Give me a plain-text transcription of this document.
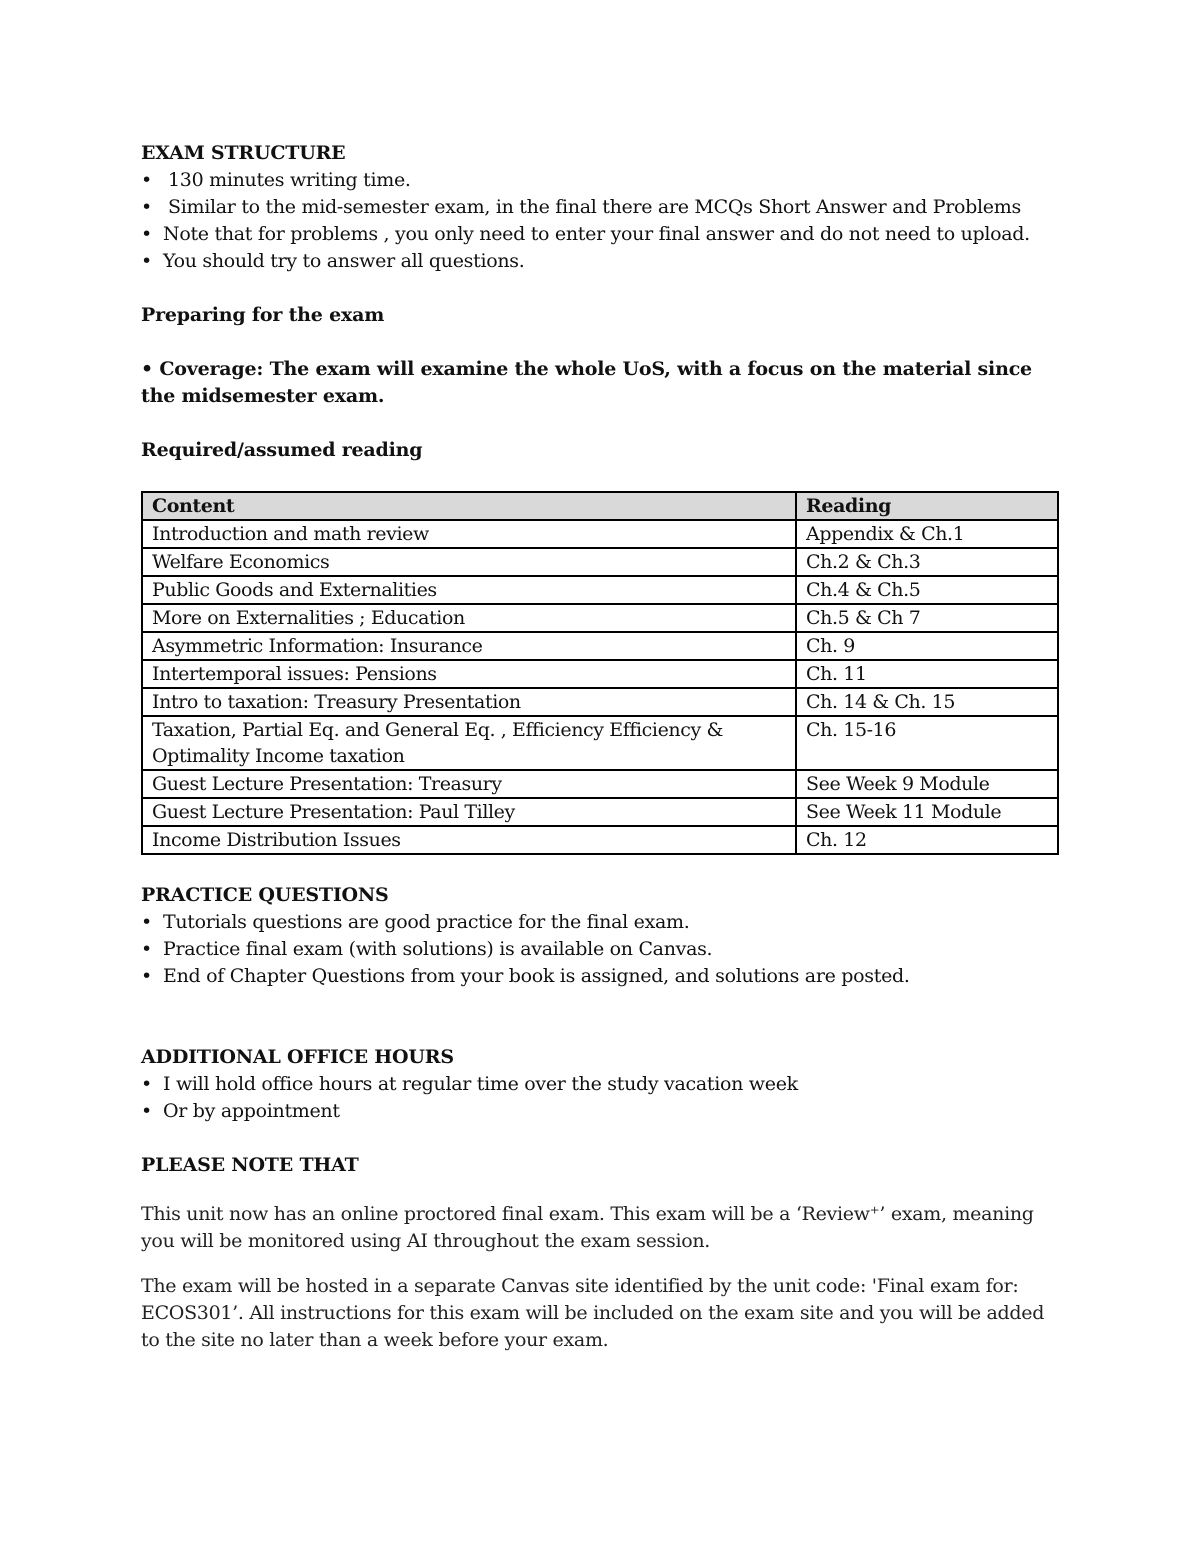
EXAM STRUCTURE

• 130 minutes writing time.
• Similar to the mid-semester exam, in the final there are MCQs Short Answer and Problems
• Note that for problems , you only need to enter your final answer and do not need to upload.
• You should try to answer all questions.

Preparing for the exam

• Coverage: The exam will examine the whole UoS, with a focus on the material since the midsemester exam.

Required/assumed reading

Content	Reading
Introduction and math review	Appendix & Ch.1
Welfare Economics	Ch.2 & Ch.3
Public Goods and Externalities	Ch.4 & Ch.5
More on Externalities ; Education	Ch.5 & Ch 7
Asymmetric Information: Insurance	Ch. 9
Intertemporal issues: Pensions	Ch. 11
Intro to taxation: Treasury Presentation	Ch. 14 & Ch. 15
Taxation, Partial Eq. and General Eq. , Efficiency Efficiency & Optimality Income taxation	Ch. 15-16
Guest Lecture Presentation: Treasury	See Week 9 Module
Guest Lecture Presentation: Paul Tilley	See Week 11 Module
Income Distribution Issues	Ch. 12

PRACTICE QUESTIONS

• Tutorials questions are good practice for the final exam.
• Practice final exam (with solutions) is available on Canvas.
• End of Chapter Questions from your book is assigned, and solutions are posted.

ADDITIONAL OFFICE HOURS

• I will hold office hours at regular time over the study vacation week
• Or by appointment

PLEASE NOTE THAT

This unit now has an online proctored final exam. This exam will be a ‘Review⁺’ exam, meaning you will be monitored using AI throughout the exam session.

The exam will be hosted in a separate Canvas site identified by the unit code: 'Final exam for: ECOS301’. All instructions for this exam will be included on the exam site and you will be added to the site no later than a week before your exam.
